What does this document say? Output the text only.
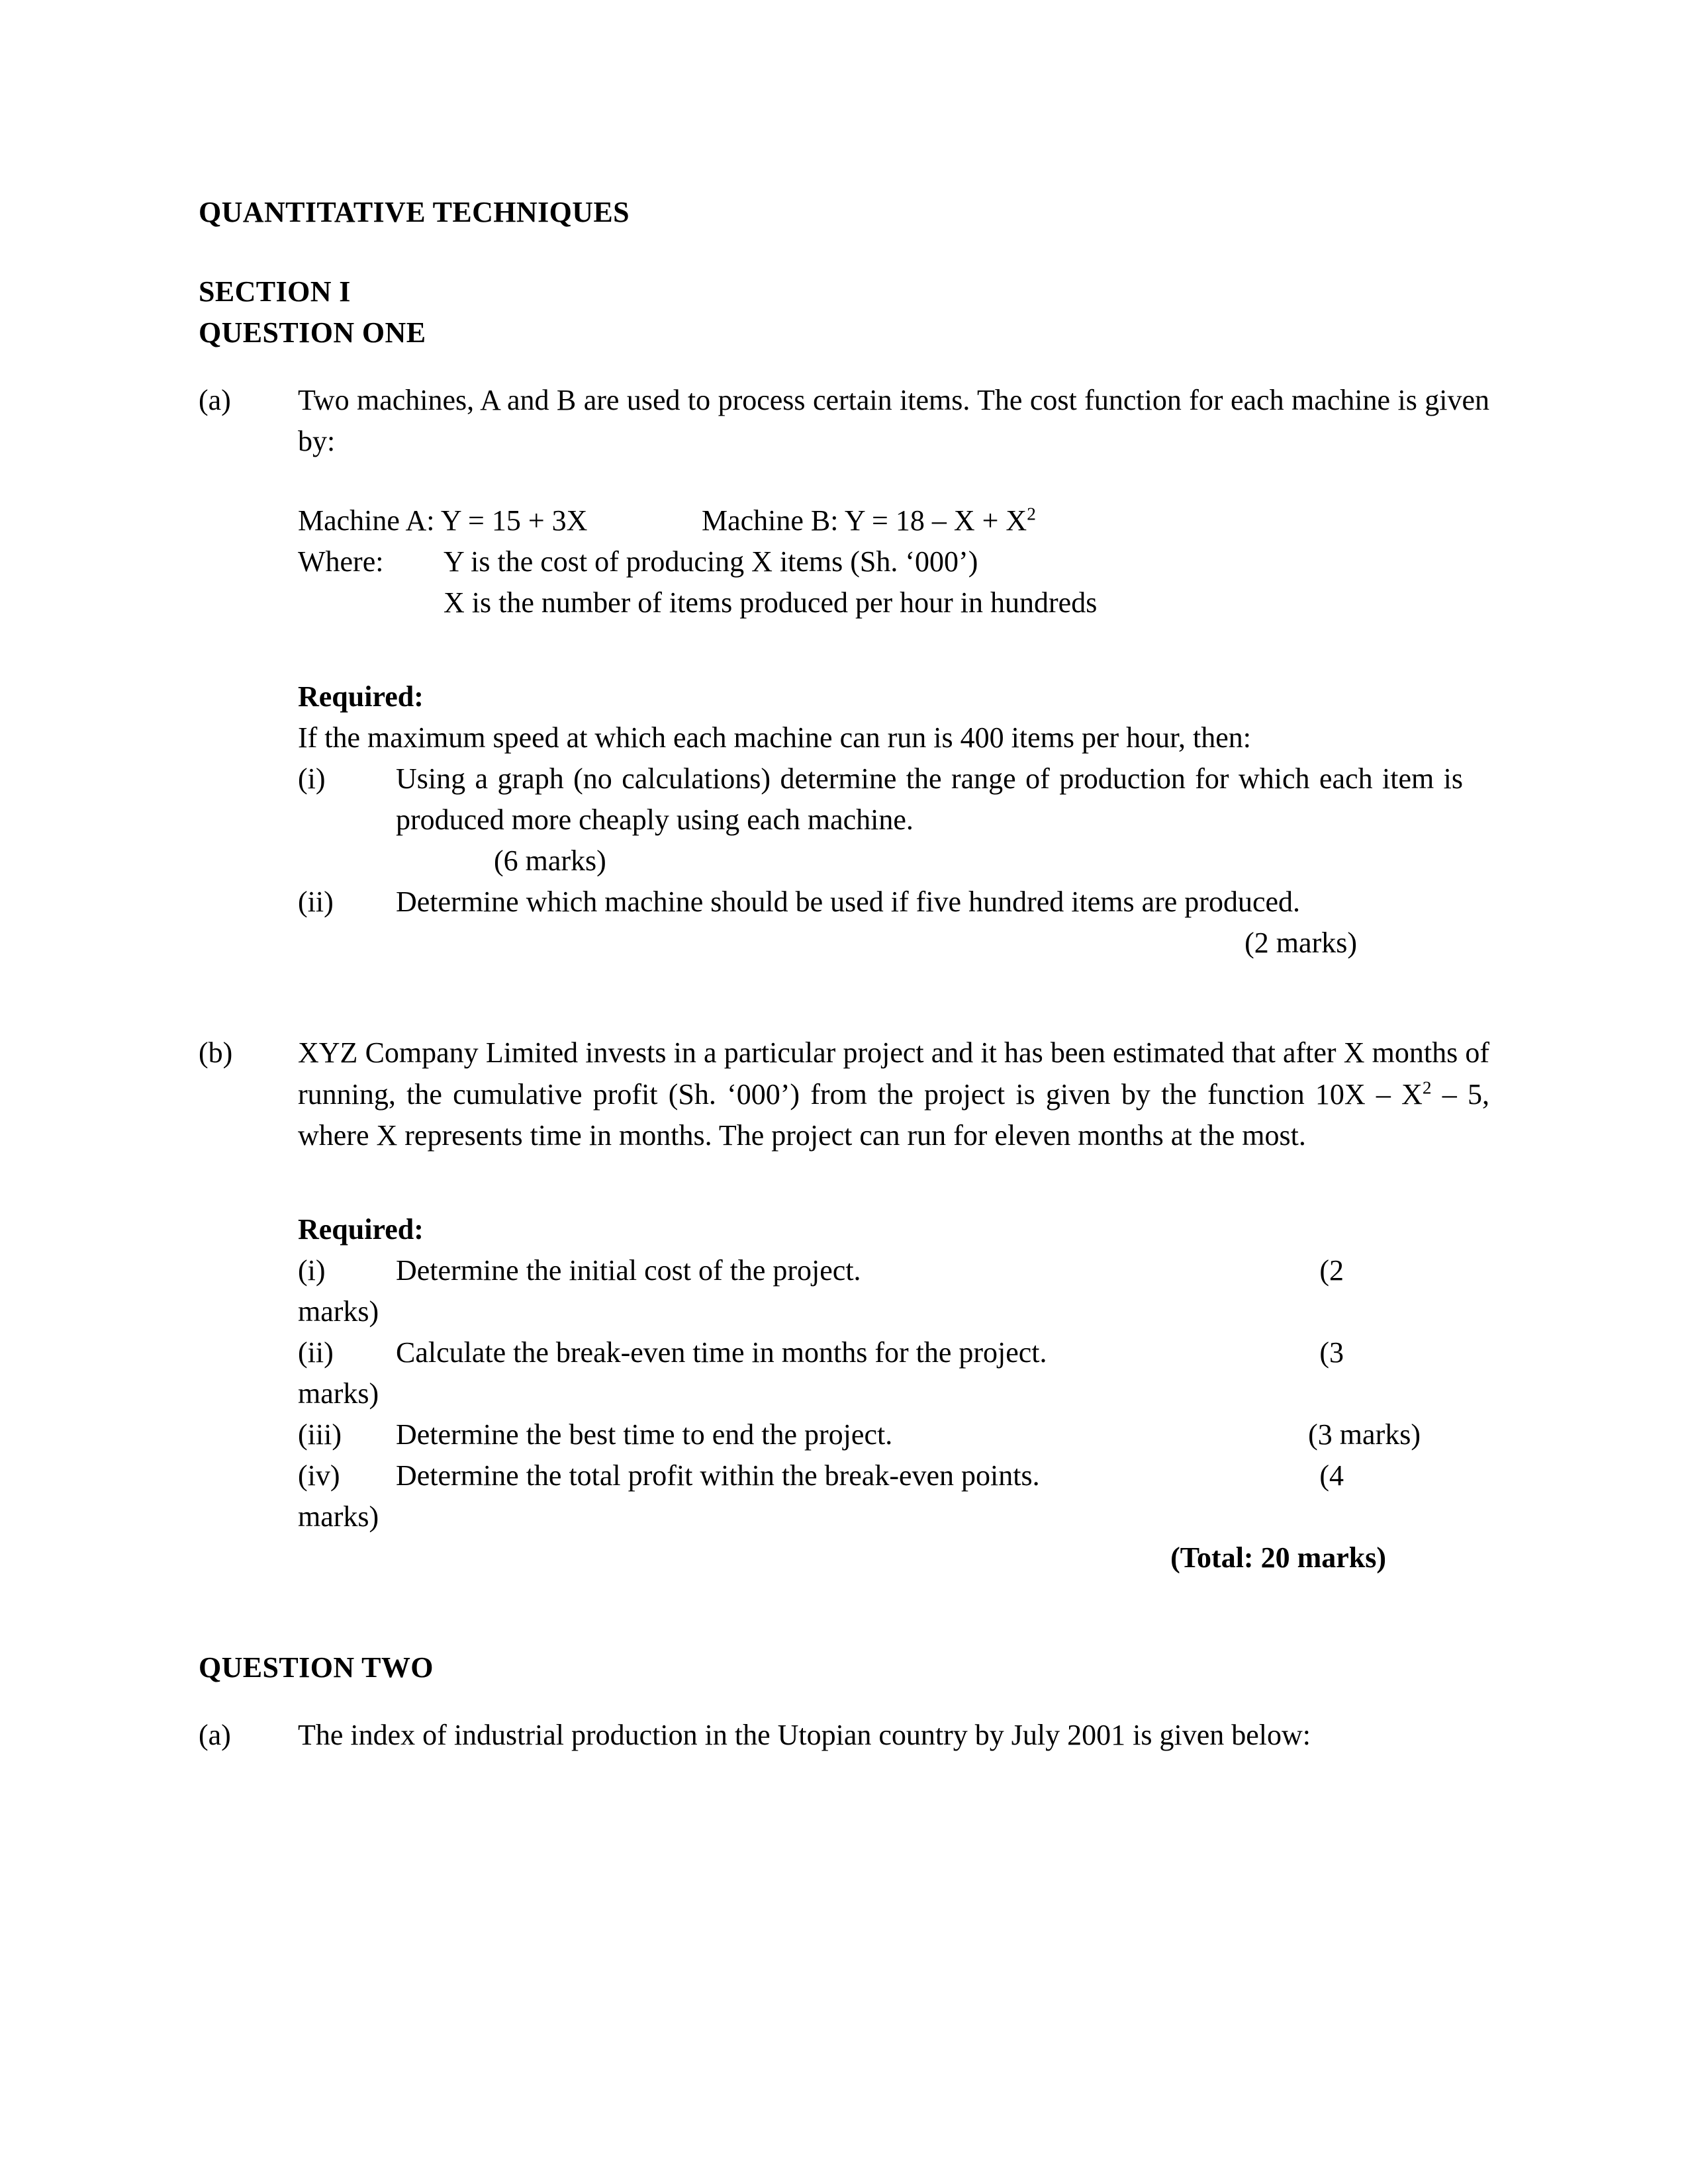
QUANTITATIVE TECHNIQUES
SECTION I
QUESTION ONE
(a)	Two machines, A and B are used to process certain items. The cost function for each machine is given by:
Machine A: Y = 15 + 3X	Machine B: $Y = 18 - X + X^2$
Where:	Y is the cost of producing X items (Sh. ‘000’)
X is the number of items produced per hour in hundreds
Required:
If the maximum speed at which each machine can run is 400 items per hour, then:
(i)	Using a graph (no calculations) determine the range of production for which each item is produced more cheaply using each machine.
(6 marks)
(ii)	Determine which machine should be used if five hundred items are produced.
(2 marks)
(b)	XYZ Company Limited invests in a particular project and it has been estimated that after X months of running, the cumulative profit (Sh. ‘000’) from the project is given by the function $10X - X^2 - 5$, where X represents time in months. The project can run for eleven months at the most.
Required:
(i)	Determine the initial cost of the project.	(2
marks)
(ii)	Calculate the break-even time in months for the project.	(3
marks)
(iii)	Determine the best time to end the project.	(3 marks)
(iv)	Determine the total profit within the break-even points.	(4
marks)
(Total: 20 marks)
QUESTION TWO
(a)	The index of industrial production in the Utopian country by July 2001 is given below:
